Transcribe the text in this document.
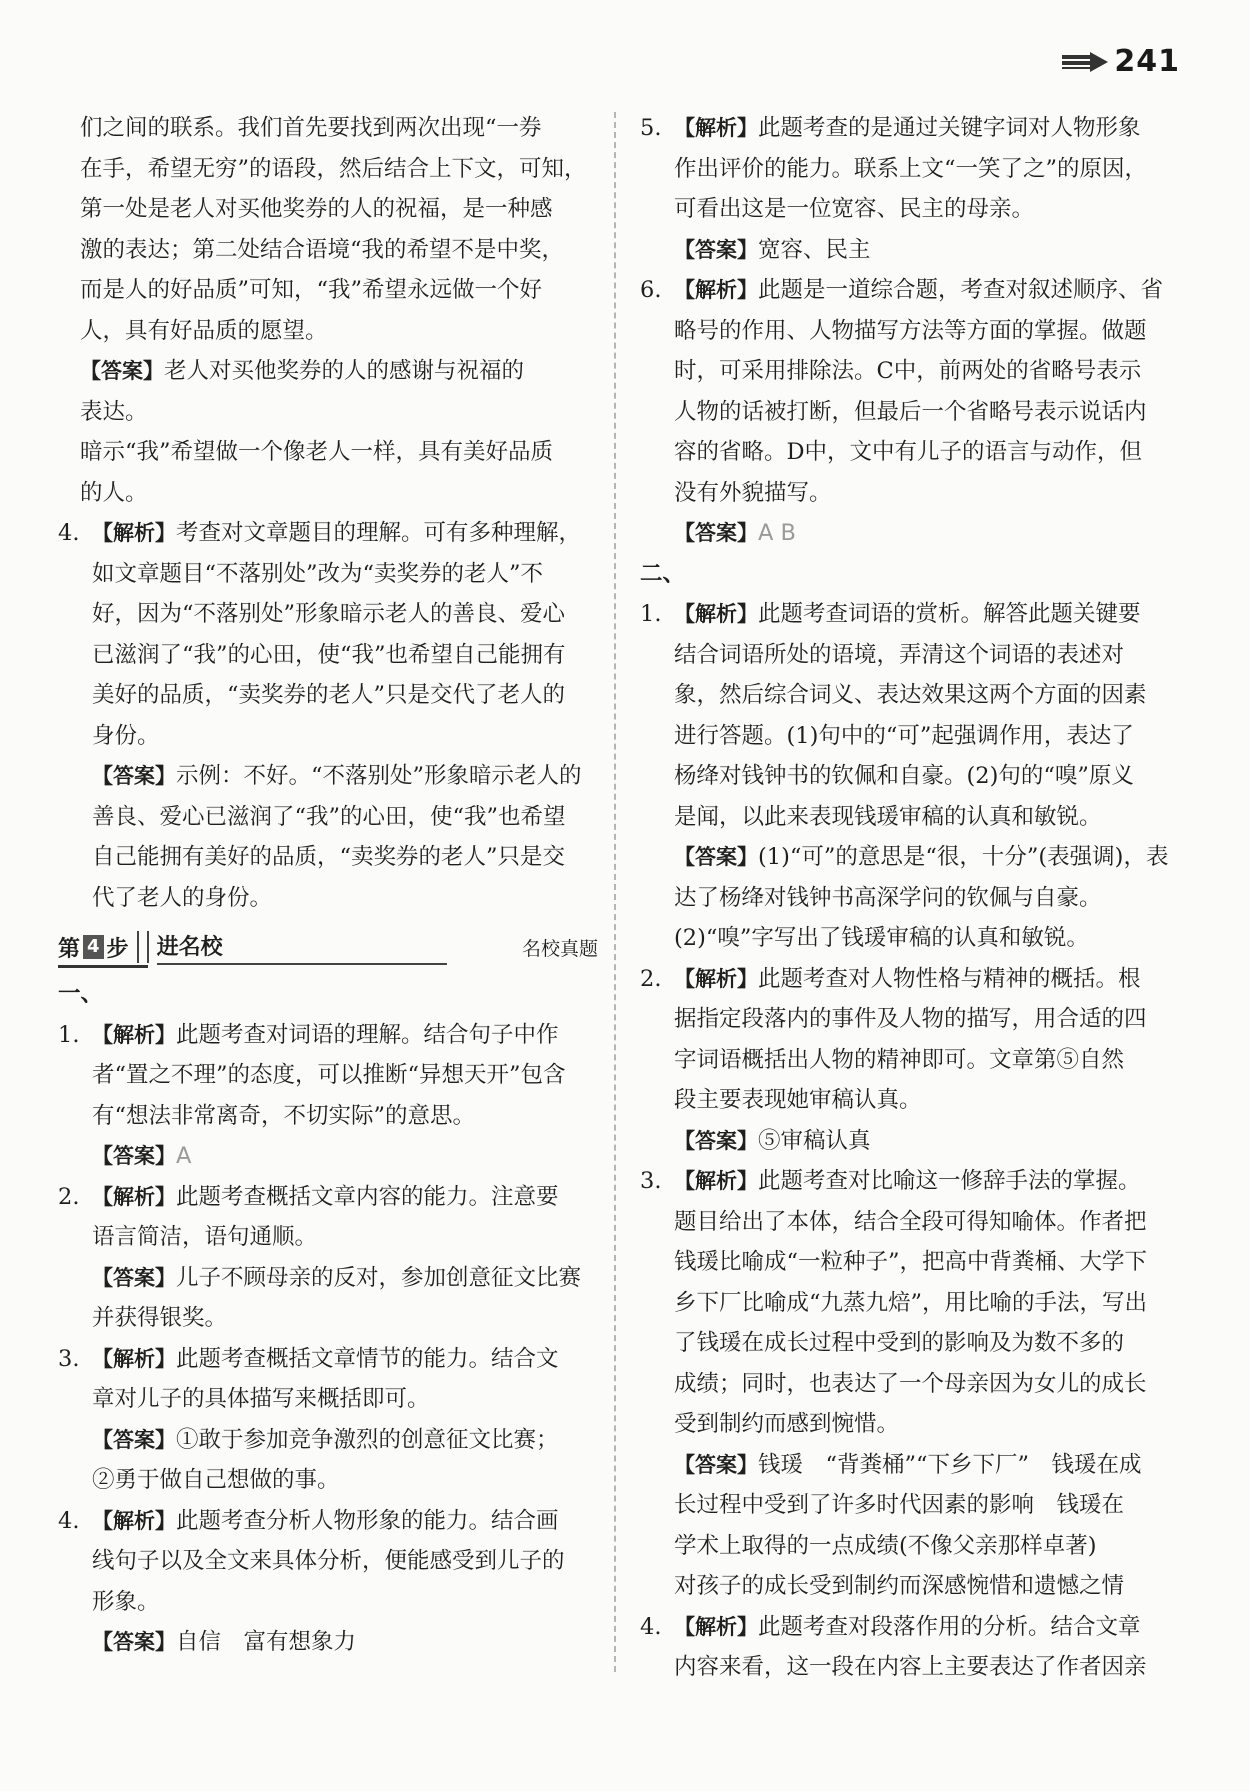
241
们之间的联系。我们首先要找到两次出现“一券
在手，希望无穷”的语段，然后结合上下文，可知，
第一处是老人对买他奖券的人的祝福，是一种感
激的表达；第二处结合语境“我的希望不是中奖，
而是人的好品质”可知，“我”希望永远做一个好
人，具有好品质的愿望。
【答案】老人对买他奖券的人的感谢与祝福的
表达。
暗示“我”希望做一个像老人一样，具有美好品质
的人。
4. 【解析】考查对文章题目的理解。可有多种理解，
如文章题目“不落别处”改为“卖奖券的老人”不
好，因为“不落别处”形象暗示老人的善良、爱心
已滋润了“我”的心田，使“我”也希望自己能拥有
美好的品质，“卖奖券的老人”只是交代了老人的
身份。
【答案】示例：不好。“不落别处”形象暗示老人的
善良、爱心已滋润了“我”的心田，使“我”也希望
自己能拥有美好的品质，“卖奖券的老人”只是交
代了老人的身份。
第 4 步 进名校	名校真题
一、
1. 【解析】此题考查对词语的理解。结合句子中作
者“置之不理”的态度，可以推断“异想天开”包含
有“想法非常离奇，不切实际”的意思。
【答案】A
2. 【解析】此题考查概括文章内容的能力。注意要
语言简洁，语句通顺。
【答案】儿子不顾母亲的反对，参加创意征文比赛
并获得银奖。
3. 【解析】此题考查概括文章情节的能力。结合文
章对儿子的具体描写来概括即可。
【答案】①敢于参加竞争激烈的创意征文比赛；
②勇于做自己想做的事。
4. 【解析】此题考查分析人物形象的能力。结合画
线句子以及全文来具体分析，便能感受到儿子的
形象。
【答案】自信　富有想象力
5. 【解析】此题考查的是通过关键字词对人物形象
作出评价的能力。联系上文“一笑了之”的原因，
可看出这是一位宽容、民主的母亲。
【答案】宽容、民主
6. 【解析】此题是一道综合题，考查对叙述顺序、省
略号的作用、人物描写方法等方面的掌握。做题
时，可采用排除法。C中，前两处的省略号表示
人物的话被打断，但最后一个省略号表示说话内
容的省略。D中，文中有儿子的语言与动作，但
没有外貌描写。
【答案】A B
二、
1. 【解析】此题考查词语的赏析。解答此题关键要
结合词语所处的语境，弄清这个词语的表述对
象，然后综合词义、表达效果这两个方面的因素
进行答题。(1)句中的“可”起强调作用，表达了
杨绛对钱钟书的钦佩和自豪。(2)句的“嗅”原义
是闻，以此来表现钱瑗审稿的认真和敏锐。
【答案】(1)“可”的意思是“很，十分”(表强调)，表
达了杨绛对钱钟书高深学问的钦佩与自豪。
(2)“嗅”字写出了钱瑗审稿的认真和敏锐。
2. 【解析】此题考查对人物性格与精神的概括。根
据指定段落内的事件及人物的描写，用合适的四
字词语概括出人物的精神即可。文章第⑤自然
段主要表现她审稿认真。
【答案】⑤审稿认真
3. 【解析】此题考查对比喻这一修辞手法的掌握。
题目给出了本体，结合全段可得知喻体。作者把
钱瑗比喻成“一粒种子”，把高中背粪桶、大学下
乡下厂比喻成“九蒸九焙”，用比喻的手法，写出
了钱瑗在成长过程中受到的影响及为数不多的
成绩；同时，也表达了一个母亲因为女儿的成长
受到制约而感到惋惜。
【答案】钱瑗　“背粪桶”“下乡下厂”　钱瑗在成
长过程中受到了许多时代因素的影响　钱瑗在
学术上取得的一点成绩(不像父亲那样卓著)
对孩子的成长受到制约而深感惋惜和遗憾之情
4. 【解析】此题考查对段落作用的分析。结合文章
内容来看，这一段在内容上主要表达了作者因亲
